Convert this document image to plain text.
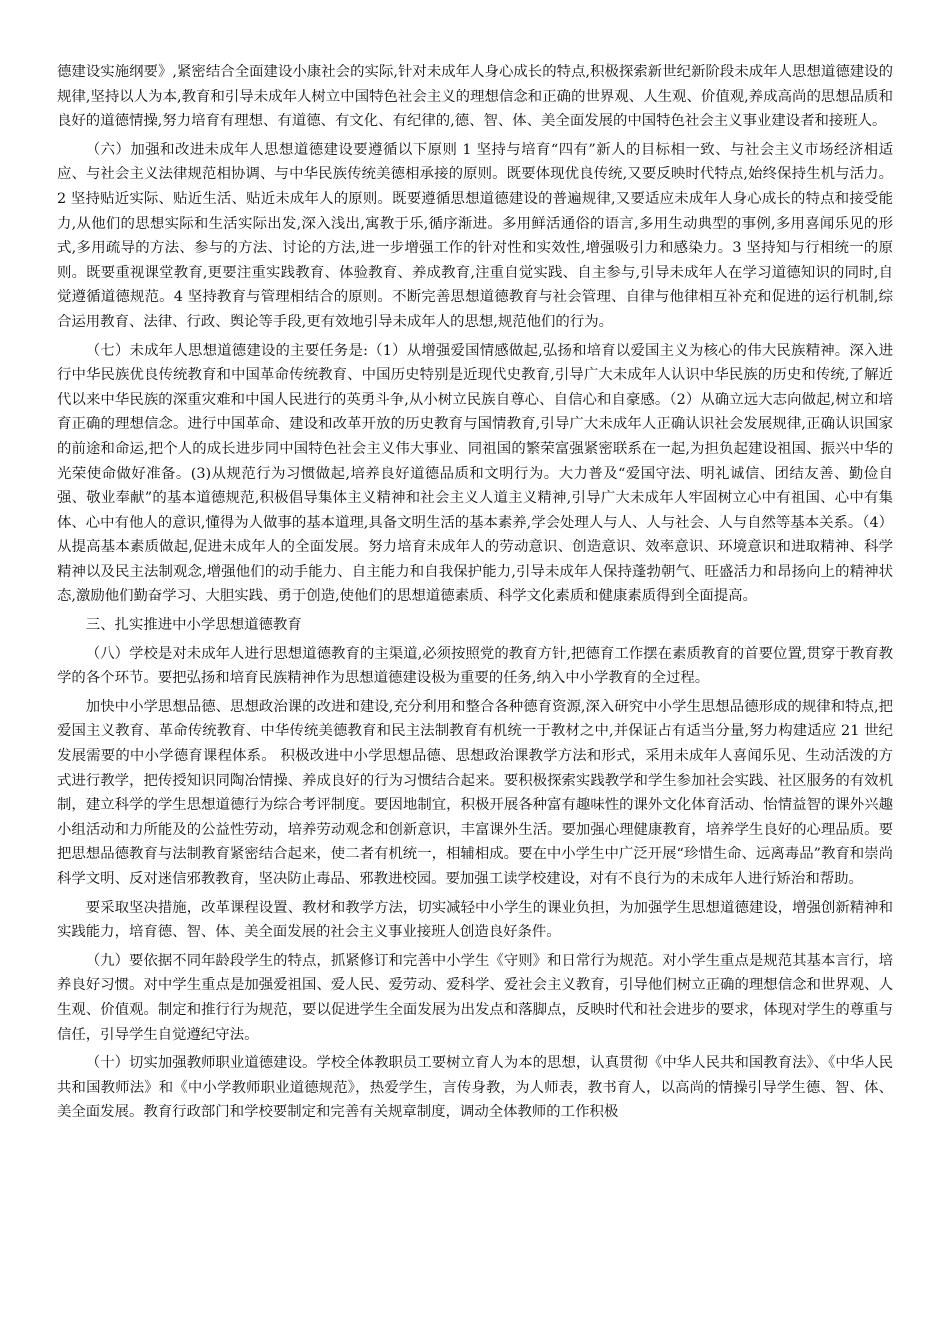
德建设实施纲要》,紧密结合全面建设小康社会的实际,针对未成年人身心成长的特点,积极探索新世纪新阶段未成年人思想道德建设的规律,坚持以人为本,教育和引导未成年人树立中国特色社会主义的理想信念和正确的世界观、人生观、价值观,养成高尚的思想品质和良好的道德情操,努力培育有理想、有道德、有文化、有纪律的,德、智、体、美全面发展的中国特色社会主义事业建设者和接班人。

（六）加强和改进未成年人思想道德建设要遵循以下原则 1 坚持与培育“四有”新人的目标相一致、与社会主义市场经济相适应、与社会主义法律规范相协调、与中华民族传统美德相承接的原则。既要体现优良传统,又要反映时代特点,始终保持生机与活力。2 坚持贴近实际、贴近生活、贴近未成年人的原则。既要遵循思想道德建设的普遍规律,又要适应未成年人身心成长的特点和接受能力,从他们的思想实际和生活实际出发,深入浅出,寓教于乐,循序渐进。多用鲜活通俗的语言,多用生动典型的事例,多用喜闻乐见的形式,多用疏导的方法、参与的方法、讨论的方法,进一步增强工作的针对性和实效性,增强吸引力和感染力。3 坚持知与行相统一的原则。既要重视课堂教育,更要注重实践教育、体验教育、养成教育,注重自觉实践、自主参与,引导未成年人在学习道德知识的同时,自觉遵循道德规范。4 坚持教育与管理相结合的原则。不断完善思想道德教育与社会管理、自律与他律相互补充和促进的运行机制,综合运用教育、法律、行政、舆论等手段,更有效地引导未成年人的思想,规范他们的行为。

（七）未成年人思想道德建设的主要任务是:（1）从增强爱国情感做起,弘扬和培育以爱国主义为核心的伟大民族精神。深入进行中华民族优良传统教育和中国革命传统教育、中国历史特别是近现代史教育,引导广大未成年人认识中华民族的历史和传统,了解近代以来中华民族的深重灾难和中国人民进行的英勇斗争,从小树立民族自尊心、自信心和自豪感。（2）从确立远大志向做起,树立和培育正确的理想信念。进行中国革命、建设和改革开放的历史教育与国情教育,引导广大未成年人正确认识社会发展规律,正确认识国家的前途和命运,把个人的成长进步同中国特色社会主义伟大事业、同祖国的繁荣富强紧密联系在一起,为担负起建设祖国、振兴中华的光荣使命做好准备。(3)从规范行为习惯做起,培养良好道德品质和文明行为。大力普及“爱国守法、明礼诚信、团结友善、勤俭自强、敬业奉献”的基本道德规范,积极倡导集体主义精神和社会主义人道主义精神,引导广大未成年人牢固树立心中有祖国、心中有集体、心中有他人的意识,懂得为人做事的基本道理,具备文明生活的基本素养,学会处理人与人、人与社会、人与自然等基本关系。（4）从提高基本素质做起,促进未成年人的全面发展。努力培育未成年人的劳动意识、创造意识、效率意识、环境意识和进取精神、科学精神以及民主法制观念,增强他们的动手能力、自主能力和自我保护能力,引导未成年人保持蓬勃朝气、旺盛活力和昂扬向上的精神状态,激励他们勤奋学习、大胆实践、勇于创造,使他们的思想道德素质、科学文化素质和健康素质得到全面提高。

三、扎实推进中小学思想道德教育

（八）学校是对未成年人进行思想道德教育的主渠道,必须按照党的教育方针,把德育工作摆在素质教育的首要位置,贯穿于教育教学的各个环节。要把弘扬和培育民族精神作为思想道德建设极为重要的任务,纳入中小学教育的全过程。

加快中小学思想品德、思想政治课的改进和建设,充分利用和整合各种德育资源,深入研究中小学生思想品德形成的规律和特点,把爱国主义教育、革命传统教育、中华传统美德教育和民主法制教育有机统一于教材之中,并保证占有适当分量,努力构建适应 21 世纪发展需要的中小学德育课程体系。 积极改进中小学思想品德、思想政治课教学方法和形式，采用未成年人喜闻乐见、生动活泼的方式进行教学，把传授知识同陶冶情操、养成良好的行为习惯结合起来。要积极探索实践教学和学生参加社会实践、社区服务的有效机制，建立科学的学生思想道德行为综合考评制度。要因地制宜，积极开展各种富有趣味性的课外文化体育活动、怡情益智的课外兴趣小组活动和力所能及的公益性劳动，培养劳动观念和创新意识，丰富课外生活。要加强心理健康教育，培养学生良好的心理品质。要把思想品德教育与法制教育紧密结合起来，使二者有机统一，相辅相成。要在中小学生中广泛开展“珍惜生命、远离毒品”教育和崇尚科学文明、反对迷信邪教教育，坚决防止毒品、邪教进校园。要加强工读学校建设，对有不良行为的未成年人进行矫治和帮助。

要采取坚决措施，改革课程设置、教材和教学方法，切实减轻中小学生的课业负担，为加强学生思想道德建设，增强创新精神和实践能力，培育德、智、体、美全面发展的社会主义事业接班人创造良好条件。

（九）要依据不同年龄段学生的特点，抓紧修订和完善中小学生《守则》和日常行为规范。对小学生重点是规范其基本言行，培养良好习惯。对中学生重点是加强爱祖国、爱人民、爱劳动、爱科学、爱社会主义教育，引导他们树立正确的理想信念和世界观、人生观、价值观。制定和推行行为规范，要以促进学生全面发展为出发点和落脚点，反映时代和社会进步的要求，体现对学生的尊重与信任，引导学生自觉遵纪守法。

（十）切实加强教师职业道德建设。学校全体教职员工要树立育人为本的思想，认真贯彻《中华人民共和国教育法》、《中华人民共和国教师法》和《中小学教师职业道德规范》，热爱学生，言传身教，为人师表，教书育人，以高尚的情操引导学生德、智、体、美全面发展。教育行政部门和学校要制定和完善有关规章制度，调动全体教师的工作积极
